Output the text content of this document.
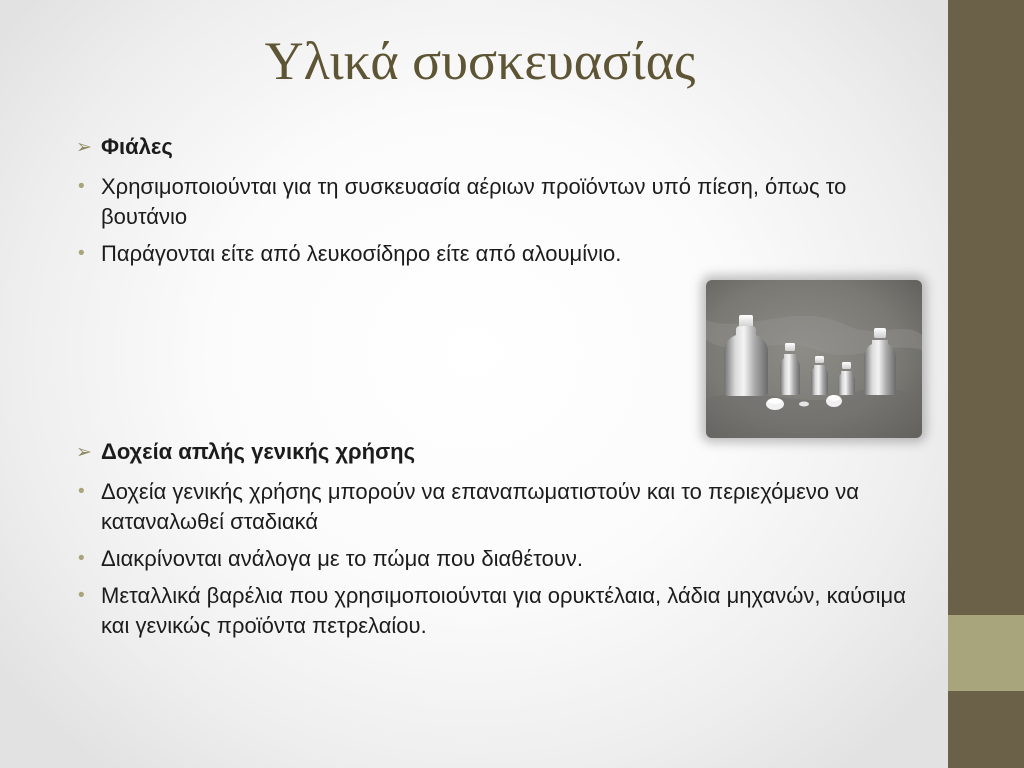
Υλικά συσκευασίας
➢ Φιάλες
• Χρησιμοποιούνται για τη συσκευασία αέριων προϊόντων υπό πίεση, όπως το βουτάνιο
• Παράγονται είτε από λευκοσίδηρο είτε από αλουμίνιο.
➢ Δοχεία απλής γενικής χρήσης
• Δοχεία γενικής χρήσης μπορούν να επαναπωματιστούν και το περιεχόμενο να καταναλωθεί σταδιακά
• Διακρίνονται ανάλογα με το πώμα που διαθέτουν.
• Μεταλλικά βαρέλια που χρησιμοποιούνται για ορυκτέλαια, λάδια μηχανών, καύσιμα και γενικώς προϊόντα πετρελαίου.
